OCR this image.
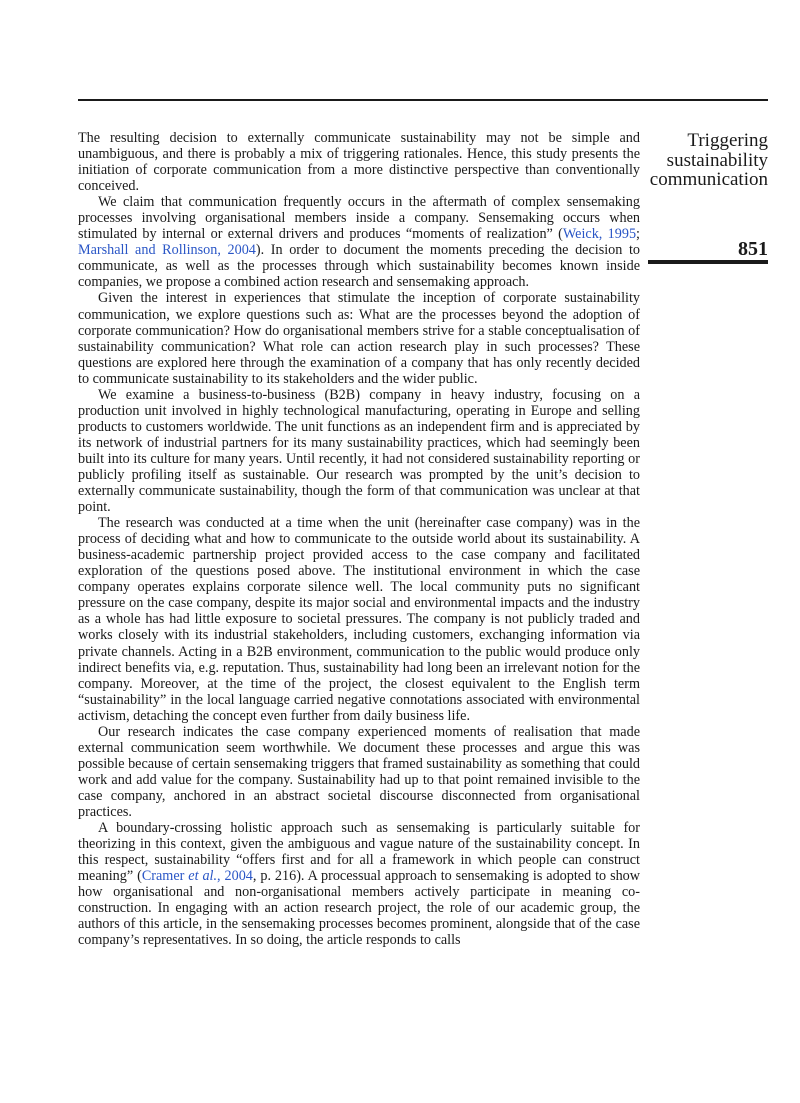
The resulting decision to externally communicate sustainability may not be simple and unambiguous, and there is probably a mix of triggering rationales. Hence, this study presents the initiation of corporate communication from a more distinctive perspective than conventionally conceived.

We claim that communication frequently occurs in the aftermath of complex sensemaking processes involving organisational members inside a company. Sensemaking occurs when stimulated by internal or external drivers and produces “moments of realization” (Weick, 1995; Marshall and Rollinson, 2004). In order to document the moments preceding the decision to communicate, as well as the processes through which sustainability becomes known inside companies, we propose a combined action research and sensemaking approach.

Given the interest in experiences that stimulate the inception of corporate sustainability communication, we explore questions such as: What are the processes beyond the adoption of corporate communication? How do organisational members strive for a stable conceptualisation of sustainability communication? What role can action research play in such processes? These questions are explored here through the examination of a company that has only recently decided to communicate sustainability to its stakeholders and the wider public.

We examine a business-to-business (B2B) company in heavy industry, focusing on a production unit involved in highly technological manufacturing, operating in Europe and selling products to customers worldwide. The unit functions as an independent firm and is appreciated by its network of industrial partners for its many sustainability practices, which had seemingly been built into its culture for many years. Until recently, it had not considered sustainability reporting or publicly profiling itself as sustainable. Our research was prompted by the unit’s decision to externally communicate sustainability, though the form of that communication was unclear at that point.

The research was conducted at a time when the unit (hereinafter case company) was in the process of deciding what and how to communicate to the outside world about its sustainability. A business-academic partnership project provided access to the case company and facilitated exploration of the questions posed above. The institutional environment in which the case company operates explains corporate silence well. The local community puts no significant pressure on the case company, despite its major social and environmental impacts and the industry as a whole has had little exposure to societal pressures. The company is not publicly traded and works closely with its industrial stakeholders, including customers, exchanging information via private channels. Acting in a B2B environment, communication to the public would produce only indirect benefits via, e.g. reputation. Thus, sustainability had long been an irrelevant notion for the company. Moreover, at the time of the project, the closest equivalent to the English term “sustainability” in the local language carried negative connotations associated with environmental activism, detaching the concept even further from daily business life.

Our research indicates the case company experienced moments of realisation that made external communication seem worthwhile. We document these processes and argue this was possible because of certain sensemaking triggers that framed sustainability as something that could work and add value for the company. Sustainability had up to that point remained invisible to the case company, anchored in an abstract societal discourse disconnected from organisational practices.

A boundary-crossing holistic approach such as sensemaking is particularly suitable for theorizing in this context, given the ambiguous and vague nature of the sustainability concept. In this respect, sustainability “offers first and for all a framework in which people can construct meaning” (Cramer et al., 2004, p. 216). A processual approach to sensemaking is adopted to show how organisational and non-organisational members actively participate in meaning co-construction. In engaging with an action research project, the role of our academic group, the authors of this article, in the sensemaking processes becomes prominent, alongside that of the case company’s representatives. In so doing, the article responds to calls

Triggering
sustainability
communication
851
